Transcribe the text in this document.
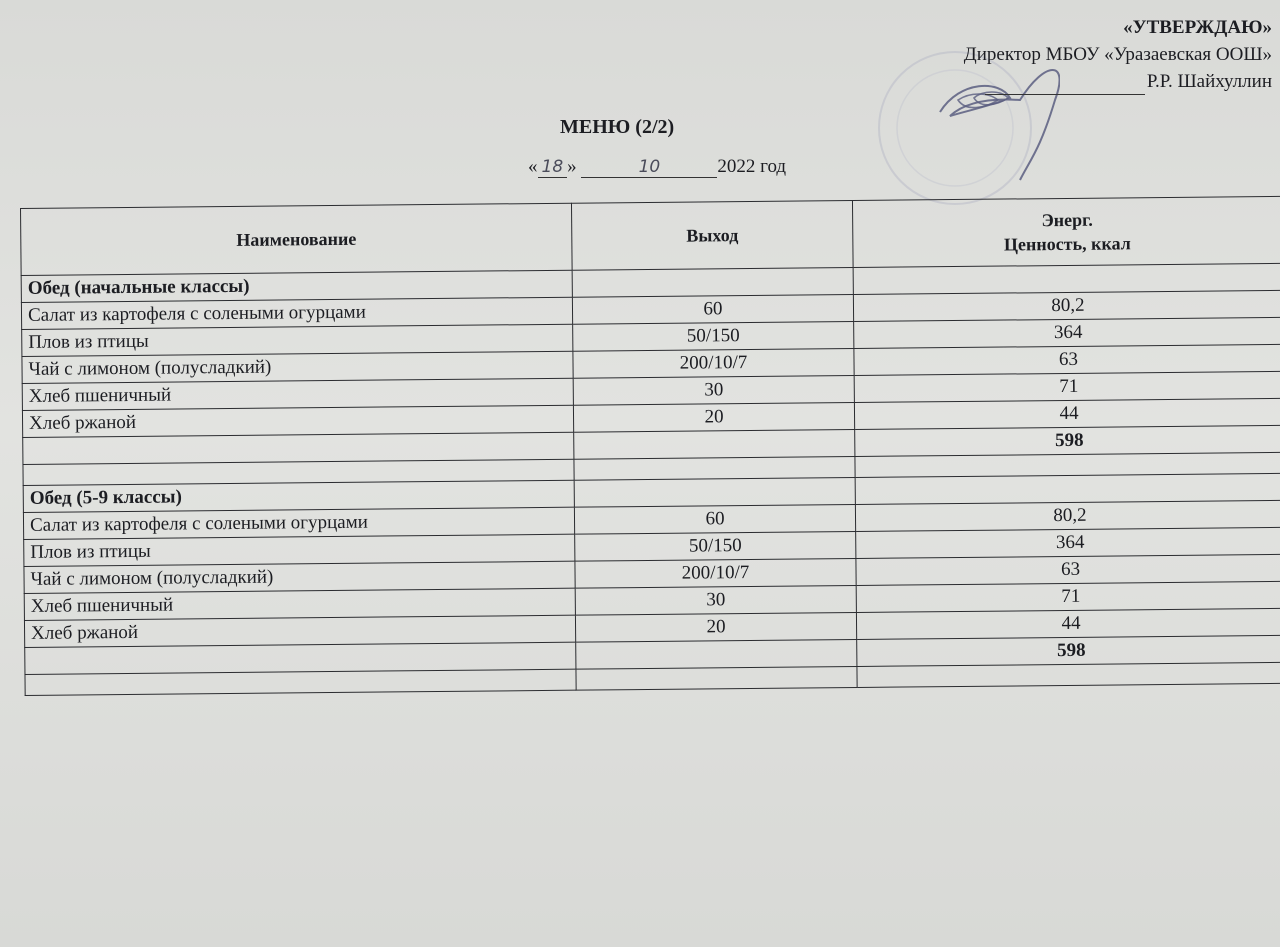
«УТВЕРЖДАЮ»
Директор МБОУ «Уразаевская ООШ»
Р.Р. Шайхуллин
МЕНЮ (2/2)
« 18 »	10	2022 год
Наименование	Выход	Энерг.
Ценность, ккал
Обед (начальные классы)		
Салат из картофеля с солеными огурцами	60	80,2
Плов из птицы	50/150	364
Чай с лимоном (полусладкий)	200/10/7	63
Хлеб пшеничный	30	71
Хлеб ржаной	20	44
		598

Обед (5-9 классы)		
Салат из картофеля с солеными огурцами	60	80,2
Плов из птицы	50/150	364
Чай с лимоном (полусладкий)	200/10/7	63
Хлеб пшеничный	30	71
Хлеб ржаной	20	44
		598
